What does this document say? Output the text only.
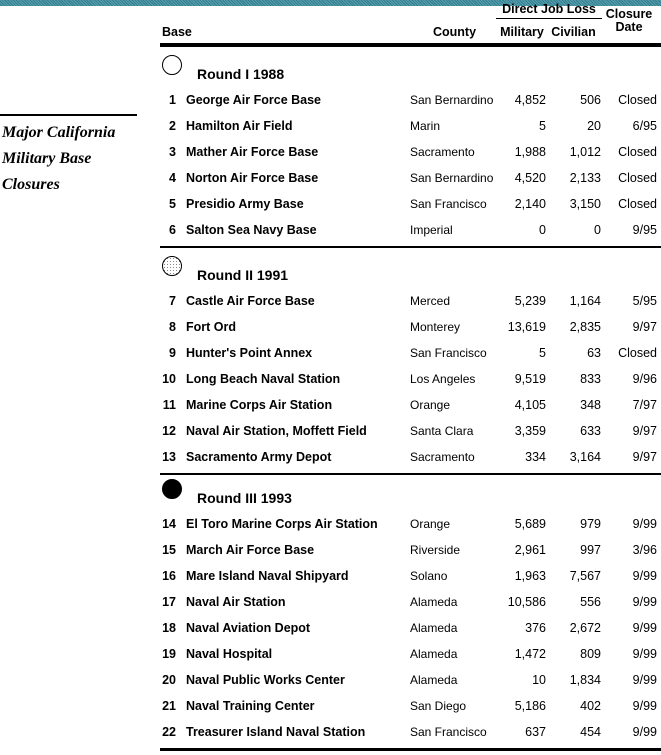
Major California
Military Base
Closures
Base	County
Direct Job Loss
Military Civilian
Closure
Date
Round I 1988
1 George Air Force Base	San Bernardino	4,852	506	Closed
2 Hamilton Air Field	Marin	5	20	6/95
3 Mather Air Force Base	Sacramento	1,988	1,012	Closed
4 Norton Air Force Base	San Bernardino	4,520	2,133	Closed
5 Presidio Army Base	San Francisco	2,140	3,150	Closed
6 Salton Sea Navy Base	Imperial	0	0	9/95
Round II 1991
7 Castle Air Force Base	Merced	5,239	1,164	5/95
8 Fort Ord	Monterey	13,619	2,835	9/97
9 Hunter's Point Annex	San Francisco	5	63	Closed
10 Long Beach Naval Station	Los Angeles	9,519	833	9/96
11 Marine Corps Air Station	Orange	4,105	348	7/97
12 Naval Air Station, Moffett Field	Santa Clara	3,359	633	9/97
13 Sacramento Army Depot	Sacramento	334	3,164	9/97
Round III 1993
14 El Toro Marine Corps Air Station	Orange	5,689	979	9/99
15 March Air Force Base	Riverside	2,961	997	3/96
16 Mare Island Naval Shipyard	Solano	1,963	7,567	9/99
17 Naval Air Station	Alameda	10,586	556	9/99
18 Naval Aviation Depot	Alameda	376	2,672	9/99
19 Naval Hospital	Alameda	1,472	809	9/99
20 Naval Public Works Center	Alameda	10	1,834	9/99
21 Naval Training Center	San Diego	5,186	402	9/99
22 Treasurer Island Naval Station	San Francisco	637	454	9/99
